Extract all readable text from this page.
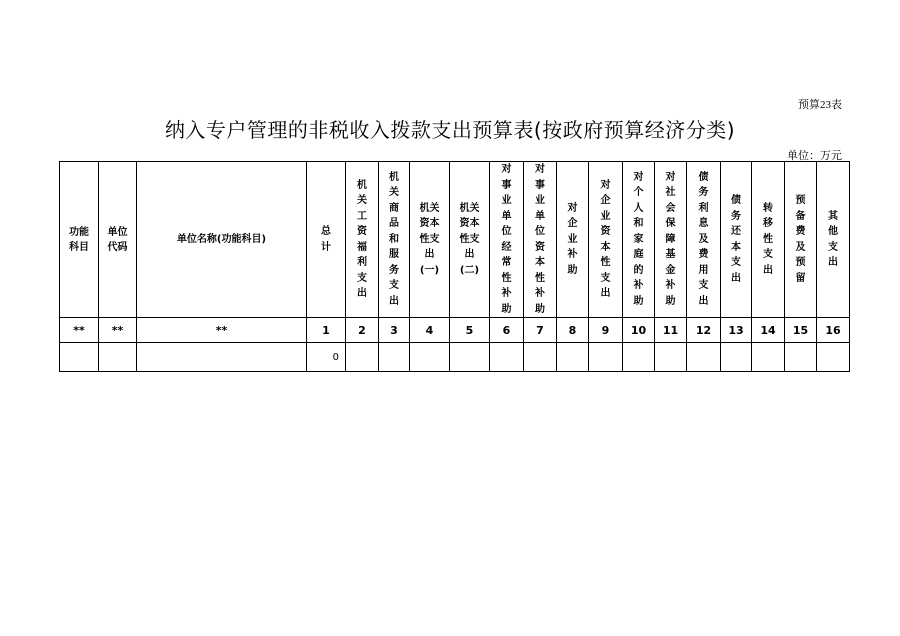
预算23表
纳入专户管理的非税收入拨款支出预算表(按政府预算经济分类)
单位：万元
功能科目	单位代码	单位名称(功能科目)	总计	机关工资福利支出	机关商品和服务支出	机关资本性支出(一)	机关资本性支出(二)	对事业单位经常性补助	对事业单位资本性补助	对企业补助	对企业资本性支出	对个人和家庭的补助	对社会保障基金补助	债务利息及费用支出	债务还本支出	转移性支出	预备费及预留	其他支出
**	**	**	1	2	3	4	5	6	7	8	9	10	11	12	13	14	15	16
			0															
